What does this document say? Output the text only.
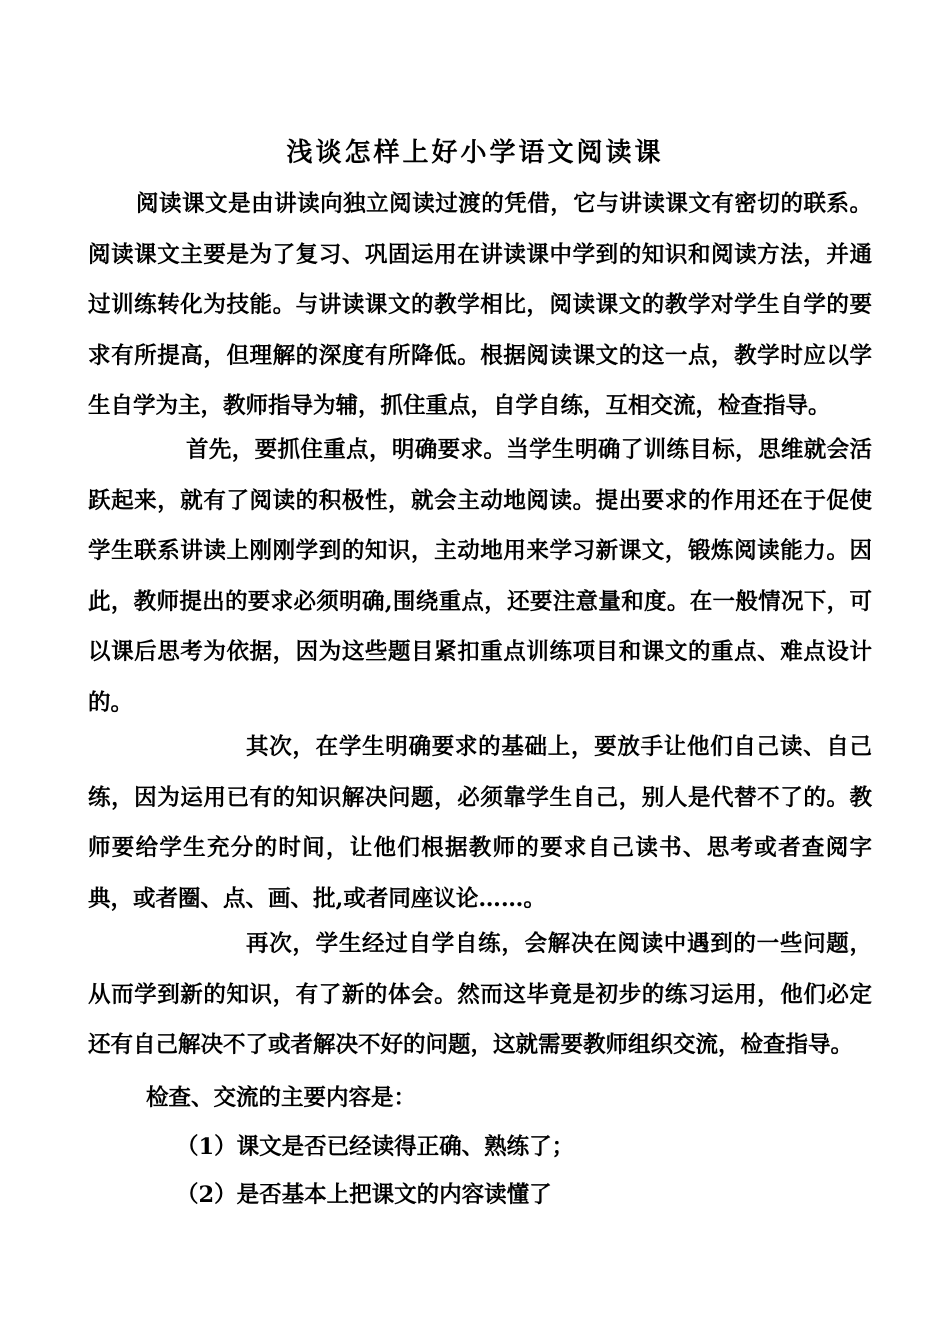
浅谈怎样上好小学语文阅读课

阅读课文是由讲读向独立阅读过渡的凭借，它与讲读课文有密切的联系。阅读课文主要是为了复习、巩固运用在讲读课中学到的知识和阅读方法，并通过训练转化为技能。与讲读课文的教学相比，阅读课文的教学对学生自学的要求有所提高，但理解的深度有所降低。根据阅读课文的这一点，教学时应以学生自学为主，教师指导为辅，抓住重点，自学自练，互相交流，检查指导。

首先，要抓住重点，明确要求。当学生明确了训练目标，思维就会活跃起来，就有了阅读的积极性，就会主动地阅读。提出要求的作用还在于促使学生联系讲读上刚刚学到的知识，主动地用来学习新课文，锻炼阅读能力。因此，教师提出的要求必须明确,围绕重点，还要注意量和度。在一般情况下，可以课后思考为依据，因为这些题目紧扣重点训练项目和课文的重点、难点设计的。

其次，在学生明确要求的基础上，要放手让他们自己读、自己练，因为运用已有的知识解决问题，必须靠学生自己，别人是代替不了的。教师要给学生充分的时间，让他们根据教师的要求自己读书、思考或者查阅字典，或者圈、点、画、批,或者同座议论……。

再次，学生经过自学自练，会解决在阅读中遇到的一些问题，从而学到新的知识，有了新的体会。然而这毕竟是初步的练习运用，他们必定还有自己解决不了或者解决不好的问题，这就需要教师组织交流，检查指导。

检查、交流的主要内容是：

（1）课文是否已经读得正确、熟练了；

（2）是否基本上把课文的内容读懂了
